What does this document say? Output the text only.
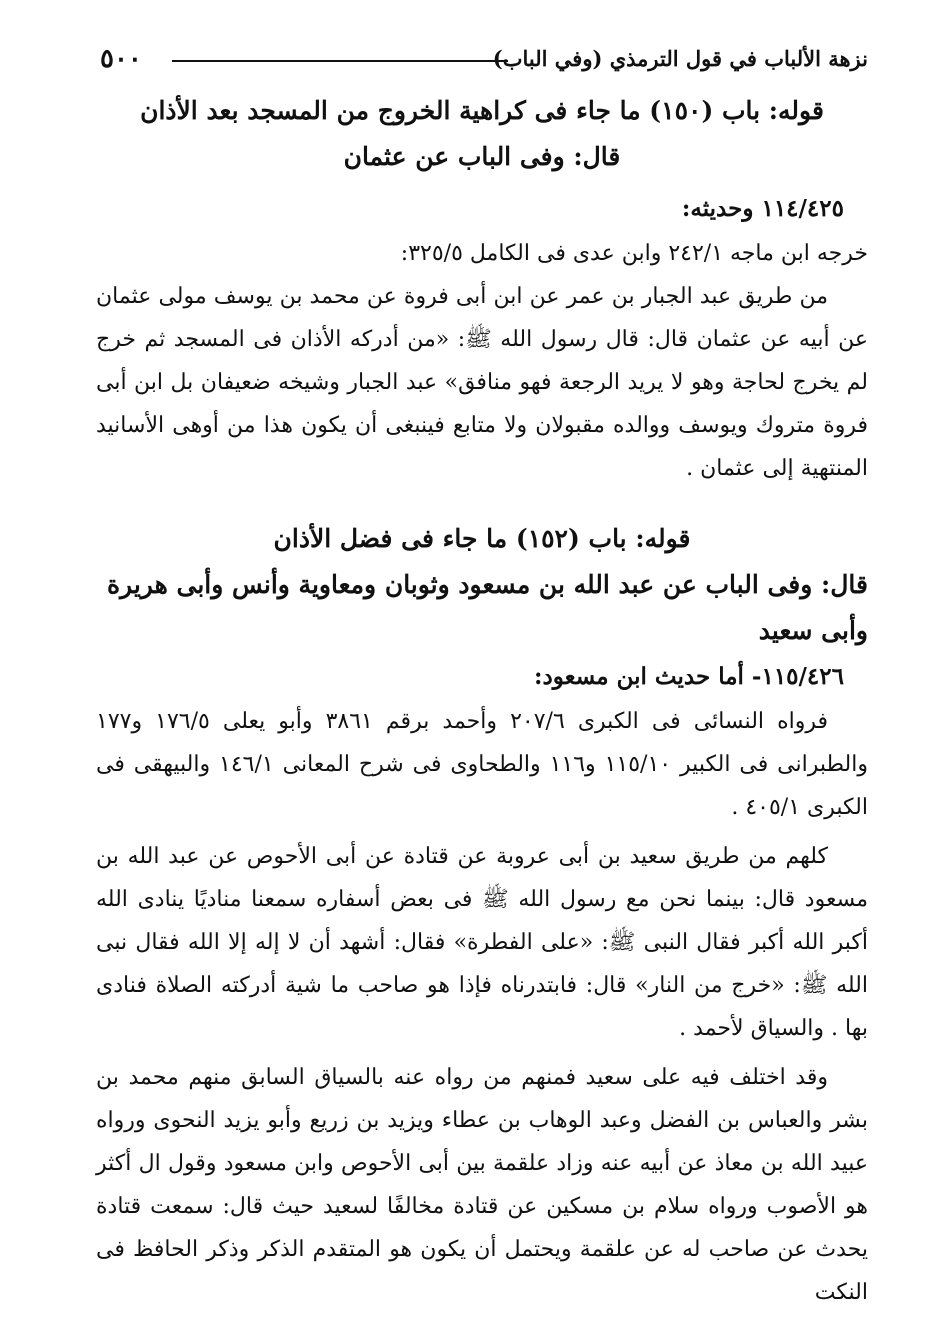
نزهة الألباب في قول الترمذي (وفي الباب)
٥٠٠

قوله: باب (١٥٠) ما جاء فى كراهية الخروج من المسجد بعد الأذان

قال: وفى الباب عن عثمان

١١٤/٤٢٥ وحديثه:

خرجه ابن ماجه ٢٤٢/١ وابن عدى فى الكامل ٣٢٥/٥:

من طريق عبد الجبار بن عمر عن ابن أبى فروة عن محمد بن يوسف مولى عثمان عن أبيه عن عثمان قال: قال رسول الله ﷺ: «من أدركه الأذان فى المسجد ثم خرج لم يخرج لحاجة وهو لا يريد الرجعة فهو منافق» عبد الجبار وشيخه ضعيفان بل ابن أبى فروة متروك ويوسف ووالده مقبولان ولا متابع فينبغى أن يكون هذا من أوهى الأسانيد المنتهية إلى عثمان .

قوله: باب (١٥٢) ما جاء فى فضل الأذان

قال: وفى الباب عن عبد الله بن مسعود وثوبان ومعاوية وأنس وأبى هريرة وأبى سعيد

١١٥/٤٢٦- أما حديث ابن مسعود:

فرواه النسائى فى الكبرى ٢٠٧/٦ وأحمد برقم ٣٨٦١ وأبو يعلى ١٧٦/٥ و١٧٧ والطبرانى فى الكبير ١١٥/١٠ و١١٦ والطحاوى فى شرح المعانى ١٤٦/١ والبيهقى فى الكبرى ٤٠٥/١ .

كلهم من طريق سعيد بن أبى عروبة عن قتادة عن أبى الأحوص عن عبد الله بن مسعود قال: بينما نحن مع رسول الله ﷺ فى بعض أسفاره سمعنا مناديًا ينادى الله أكبر الله أكبر فقال النبى ﷺ: «على الفطرة» فقال: أشهد أن لا إله إلا الله فقال نبى الله ﷺ: «خرج من النار» قال: فابتدرناه فإذا هو صاحب ما شية أدركته الصلاة فنادى بها . والسياق لأحمد .

وقد اختلف فيه على سعيد فمنهم من رواه عنه بالسياق السابق منهم محمد بن بشر والعباس بن الفضل وعبد الوهاب بن عطاء ويزيد بن زريع وأبو يزيد النحوى ورواه عبيد الله بن معاذ عن أبيه عنه وزاد علقمة بين أبى الأحوص وابن مسعود وقول ال أكثر هو الأصوب ورواه سلام بن مسكين عن قتادة مخالفًا لسعيد حيث قال: سمعت قتادة يحدث عن صاحب له عن علقمة ويحتمل أن يكون هو المتقدم الذكر وذكر الحافظ فى النكت
